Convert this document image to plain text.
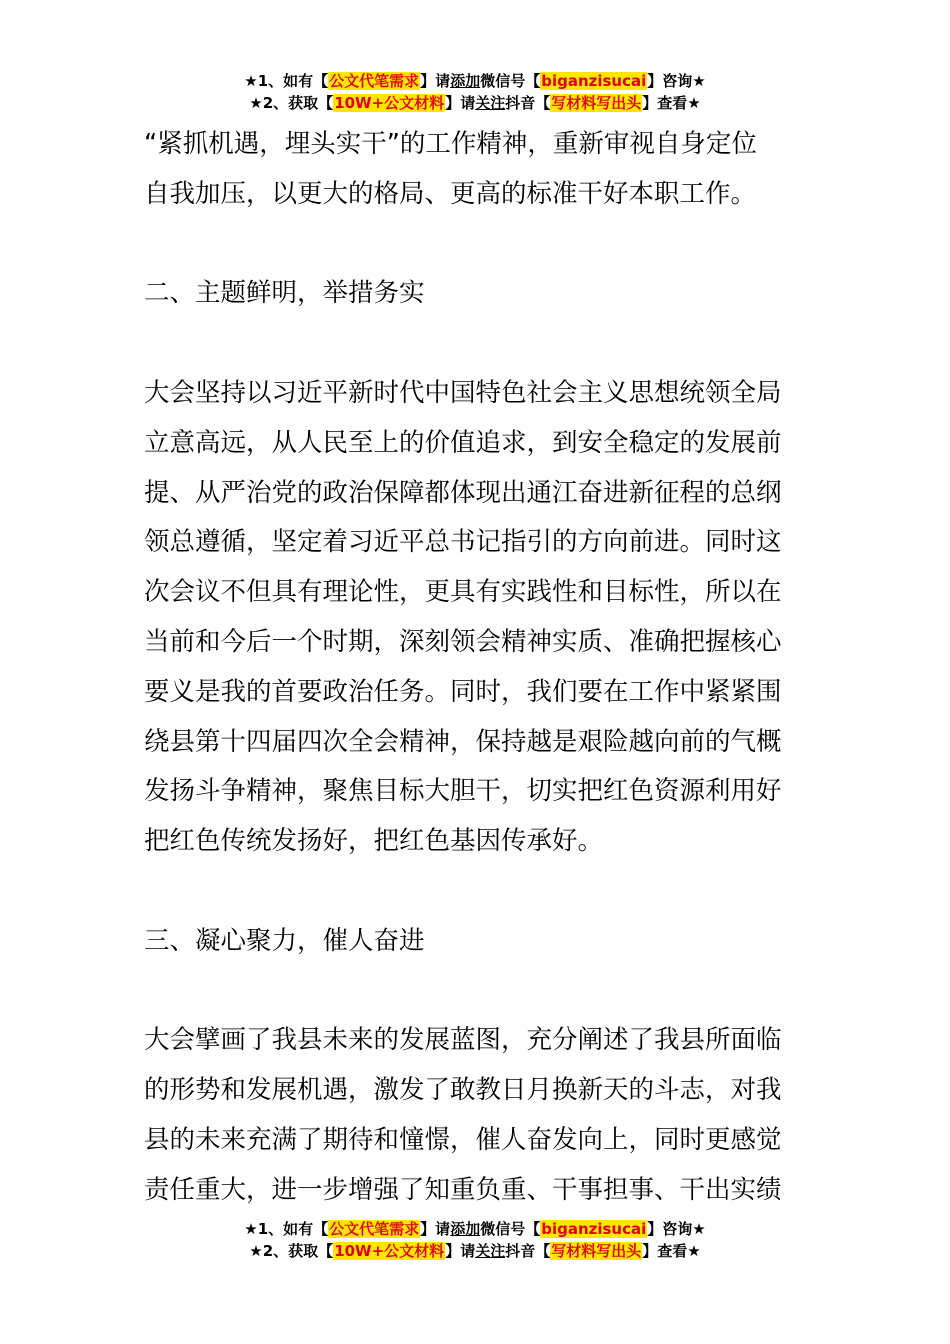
★1、如有【公文代笔需求】请添加微信号【biganzisucai】咨询★
★2、获取【10W+公文材料】请关注抖音【写材料写出头】查看★

“紧抓机遇，埋头实干”的工作精神，重新审视自身定位

自我加压，以更大的格局、更高的标准干好本职工作。

二、主题鲜明，举措务实

大会坚持以习近平新时代中国特色社会主义思想统领全局

立意高远，从人民至上的价值追求，到安全稳定的发展前

提、从严治党的政治保障都体现出通江奋进新征程的总纲

领总遵循，坚定着习近平总书记指引的方向前进。同时这

次会议不但具有理论性，更具有实践性和目标性，所以在

当前和今后一个时期，深刻领会精神实质、准确把握核心

要义是我的首要政治任务。同时，我们要在工作中紧紧围

绕县第十四届四次全会精神，保持越是艰险越向前的气概

发扬斗争精神，聚焦目标大胆干，切实把红色资源利用好

把红色传统发扬好，把红色基因传承好。

三、凝心聚力，催人奋进

大会擘画了我县未来的发展蓝图，充分阐述了我县所面临

的形势和发展机遇，激发了敢教日月换新天的斗志，对我

县的未来充满了期待和憧憬，催人奋发向上，同时更感觉

责任重大，进一步增强了知重负重、干事担事、干出实绩

★1、如有【公文代笔需求】请添加微信号【biganzisucai】咨询★
★2、获取【10W+公文材料】请关注抖音【写材料写出头】查看★
